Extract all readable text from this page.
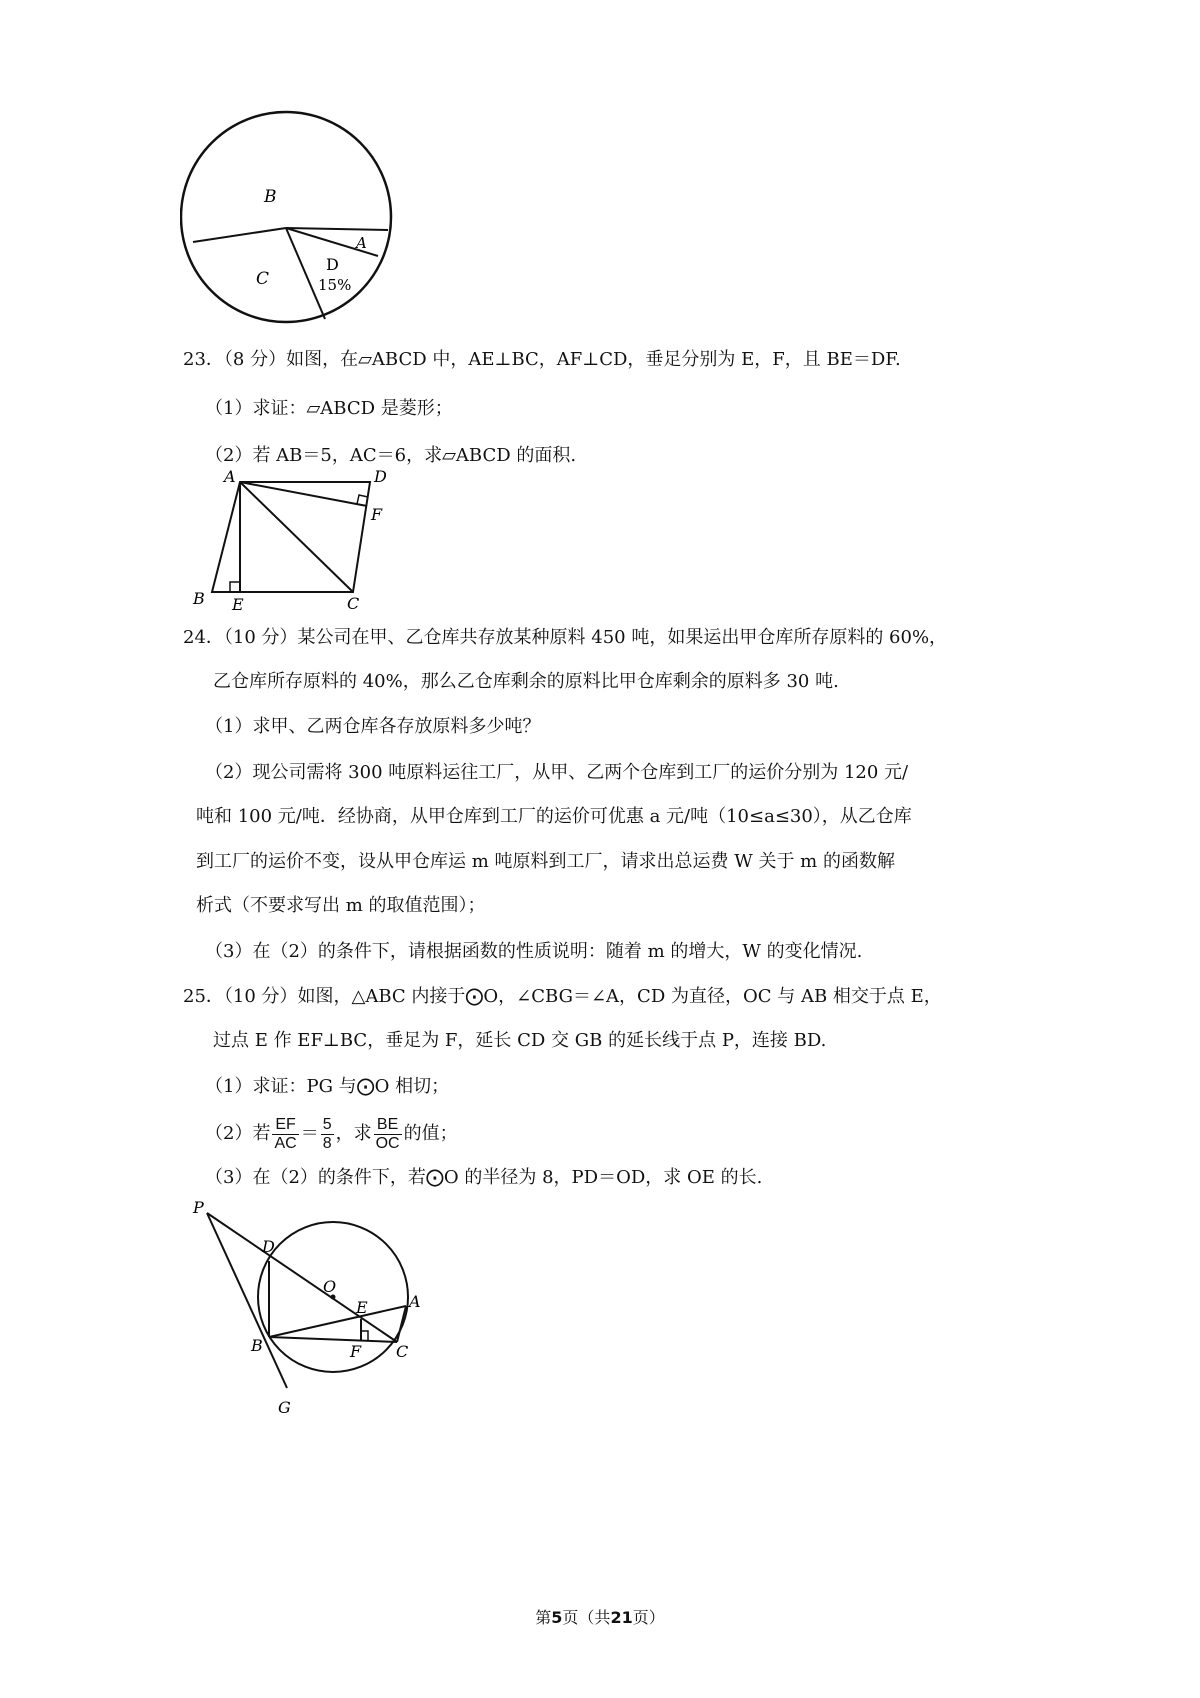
B
A
C
D
15%
23．（8 分）如图，在▱ABCD 中，AE⊥BC，AF⊥CD，垂足分别为 E，F，且 BE＝DF.
（1）求证：▱ABCD 是菱形；
（2）若 AB＝5，AC＝6，求▱ABCD 的面积.
A	D
F
B E	C
24．（10 分）某公司在甲、乙仓库共存放某种原料 450 吨，如果运出甲仓库所存原料的 60%，
乙仓库所存原料的 40%，那么乙仓库剩余的原料比甲仓库剩余的原料多 30 吨.
（1）求甲、乙两仓库各存放原料多少吨？
（2）现公司需将 300 吨原料运往工厂，从甲、乙两个仓库到工厂的运价分别为 120 元/
吨和 100 元/吨．经协商，从甲仓库到工厂的运价可优惠 a 元/吨（10≤a≤30），从乙仓库
到工厂的运价不变，设从甲仓库运 m 吨原料到工厂，请求出总运费 W 关于 m 的函数解
析式（不要求写出 m 的取值范围）；
（3）在（2）的条件下，请根据函数的性质说明：随着 m 的增大，W 的变化情况.
25．（10 分）如图，△ABC 内接于⨀O，∠CBG＝∠A，CD 为直径，OC 与 AB 相交于点 E，
过点 E 作 EF⊥BC，垂足为 F，延长 CD 交 GB 的延长线于点 P，连接 BD.
（1）求证：PG 与⨀O 相切；
（2）若 $\frac{EF}{AC} = \frac{5}{8}$ ，求 $\frac{BE}{OC}$ 的值；
（3）在（2）的条件下，若⨀O 的半径为 8，PD＝OD，求 OE 的长.
P
D
O
E	A
B	F C
G
第5页（共21页）
